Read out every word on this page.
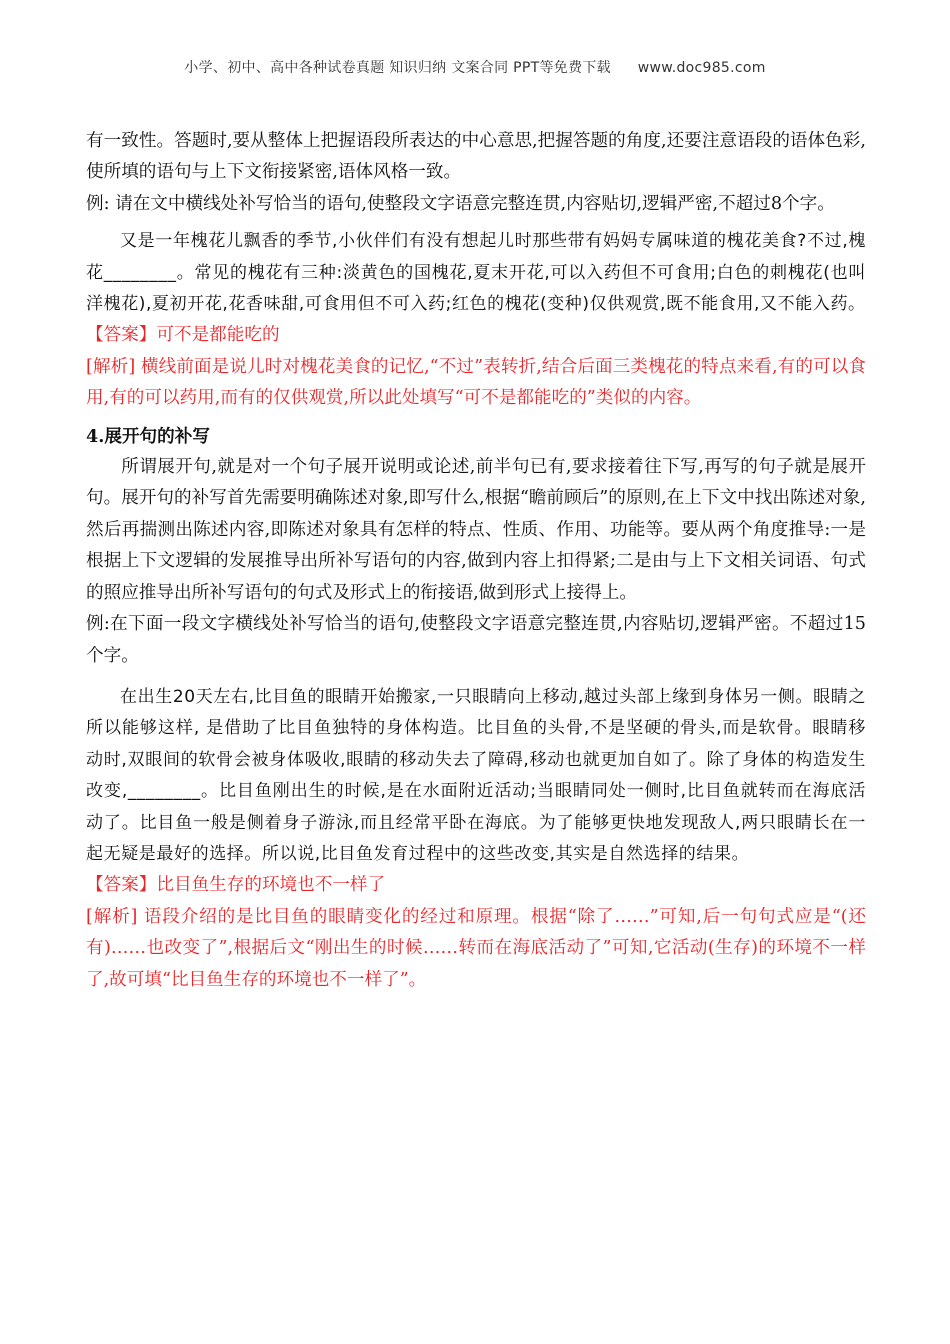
小学、初中、高中各种试卷真题 知识归纳 文案合同 PPT等免费下载 www.doc985.com

有一致性。答题时,要从整体上把握语段所表达的中心意思,把握答题的角度,还要注意语段的语体色彩,使所填的语句与上下文衔接紧密,语体风格一致。

例: 请在文中横线处补写恰当的语句,使整段文字语意完整连贯,内容贴切,逻辑严密,不超过8个字。

又是一年槐花儿飘香的季节,小伙伴们有没有想起儿时那些带有妈妈专属味道的槐花美食?不过,槐花________。常见的槐花有三种:淡黄色的国槐花,夏末开花,可以入药但不可食用;白色的刺槐花(也叫洋槐花),夏初开花,花香味甜,可食用但不可入药;红色的槐花(变种)仅供观赏,既不能食用,又不能入药。

【答案】可不是都能吃的

[解析] 横线前面是说儿时对槐花美食的记忆,“不过”表转折,结合后面三类槐花的特点来看,有的可以食用,有的可以药用,而有的仅供观赏,所以此处填写“可不是都能吃的”类似的内容。

4.展开句的补写

所谓展开句,就是对一个句子展开说明或论述,前半句已有,要求接着往下写,再写的句子就是展开句。展开句的补写首先需要明确陈述对象,即写什么,根据“瞻前顾后”的原则,在上下文中找出陈述对象,然后再揣测出陈述内容,即陈述对象具有怎样的特点、性质、作用、功能等。要从两个角度推导:一是根据上下文逻辑的发展推导出所补写语句的内容,做到内容上扣得紧;二是由与上下文相关词语、句式的照应推导出所补写语句的句式及形式上的衔接语,做到形式上接得上。

例:在下面一段文字横线处补写恰当的语句,使整段文字语意完整连贯,内容贴切,逻辑严密。不超过15个字。

在出生20天左右,比目鱼的眼睛开始搬家,一只眼睛向上移动,越过头部上缘到身体另一侧。眼睛之所以能够这样, 是借助了比目鱼独特的身体构造。比目鱼的头骨,不是坚硬的骨头,而是软骨。眼睛移动时,双眼间的软骨会被身体吸收,眼睛的移动失去了障碍,移动也就更加自如了。除了身体的构造发生改变,________。比目鱼刚出生的时候,是在水面附近活动;当眼睛同处一侧时,比目鱼就转而在海底活动了。比目鱼一般是侧着身子游泳,而且经常平卧在海底。为了能够更快地发现敌人,两只眼睛长在一起无疑是最好的选择。所以说,比目鱼发育过程中的这些改变,其实是自然选择的结果。

【答案】比目鱼生存的环境也不一样了

[解析] 语段介绍的是比目鱼的眼睛变化的经过和原理。根据“除了……”可知,后一句句式应是“(还有)……也改变了”,根据后文“刚出生的时候……转而在海底活动了”可知,它活动(生存)的环境不一样了,故可填“比目鱼生存的环境也不一样了”。
